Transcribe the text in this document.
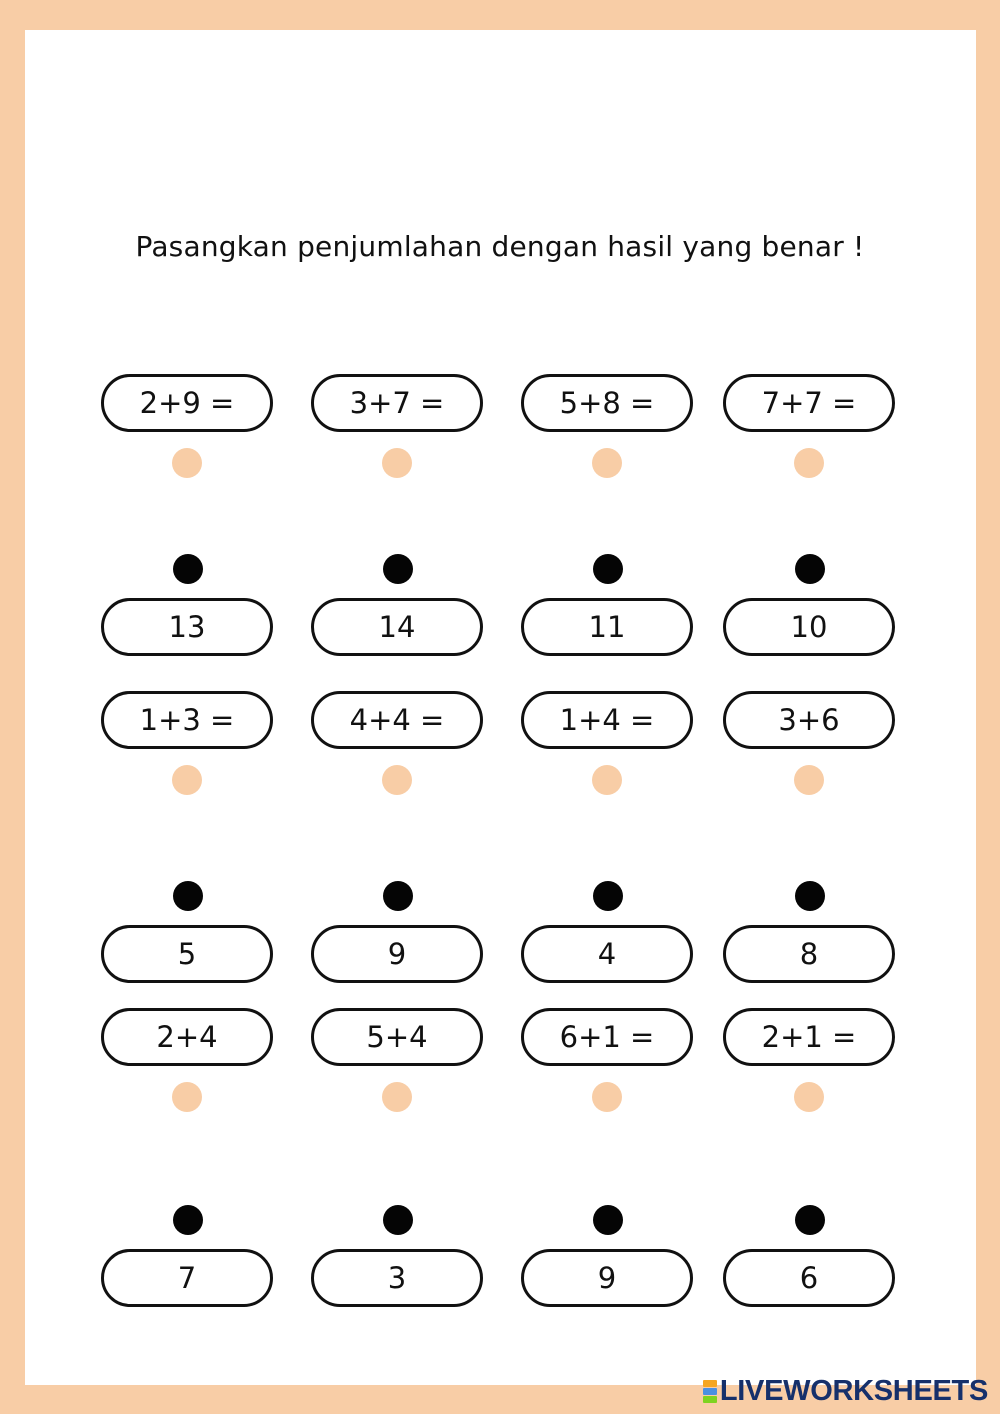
Pasangkan penjumlahan dengan hasil yang benar !
2+9 =
13
3+7 =
14
5+8 =
11
7+7 =
10
1+3 =
5
4+4 =
9
1+4 =
4
3+6
8
2+4
7
5+4
3
6+1 =
9
2+1 =
6
LIVEWORKSHEETS
